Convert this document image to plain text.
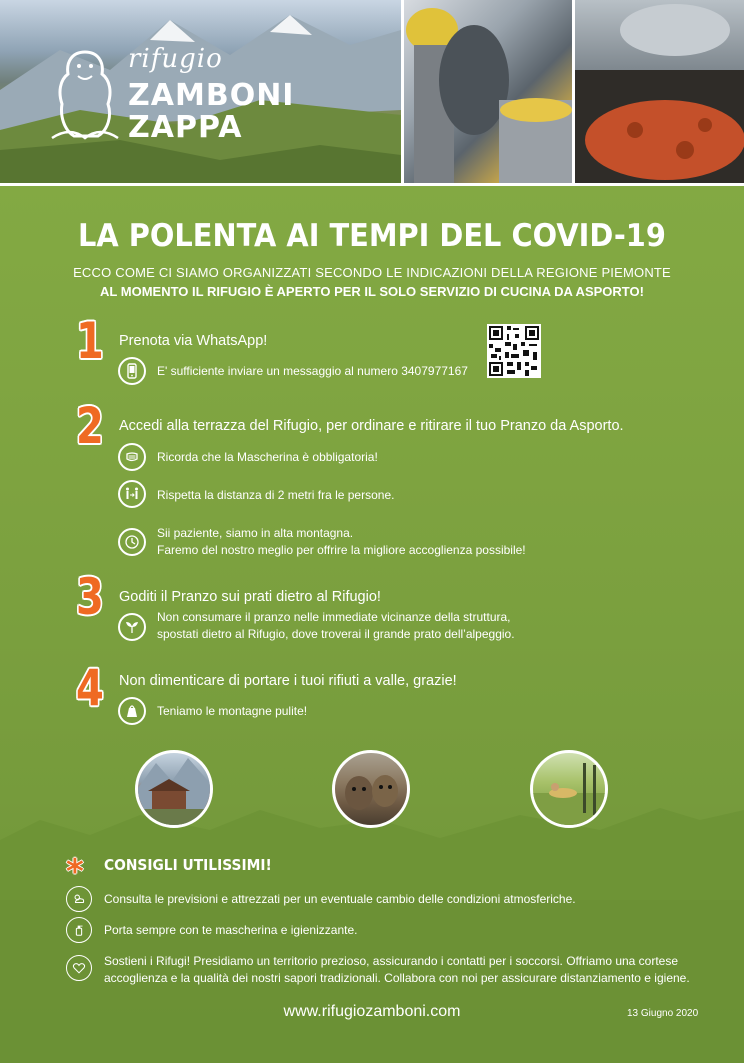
rifugio
ZAMBONI
ZAPPA
LA POLENTA AI TEMPI DEL COVID-19
ECCO COME CI SIAMO ORGANIZZATI SECONDO LE INDICAZIONI DELLA REGIONE PIEMONTE
AL MOMENTO IL RIFUGIO È APERTO PER IL SOLO SERVIZIO DI CUCINA DA ASPORTO!
1 Prenota via WhatsApp!
E' sufficiente inviare un messaggio al numero 3407977167
2 Accedi alla terrazza del Rifugio, per ordinare e ritirare il tuo Pranzo da Asporto.
Ricorda che la Mascherina è obbligatoria!
Rispetta la distanza di 2 metri fra le persone.
Sii paziente, siamo in alta montagna.
Faremo del nostro meglio per offrire la migliore accoglienza possibile!
3 Goditi il Pranzo sui prati dietro al Rifugio!
Non consumare il pranzo nelle immediate vicinanze della struttura,
spostati dietro al Rifugio, dove troverai il grande prato dell’alpeggio.
4 Non dimenticare di portare i tuoi rifiuti a valle, grazie!
Teniamo le montagne pulite!
* CONSIGLI UTILISSIMI!
Consulta le previsioni e attrezzati per un eventuale cambio delle condizioni atmosferiche.
Porta sempre con te mascherina e igienizzante.
Sostieni i Rifugi! Presidiamo un territorio prezioso, assicurando i contatti per i soccorsi. Offriamo una cortese
accoglienza e la qualità dei nostri sapori tradizionali. Collabora con noi per assicurare distanziamento e igiene.
www.rifugiozamboni.com	13 Giugno 2020
